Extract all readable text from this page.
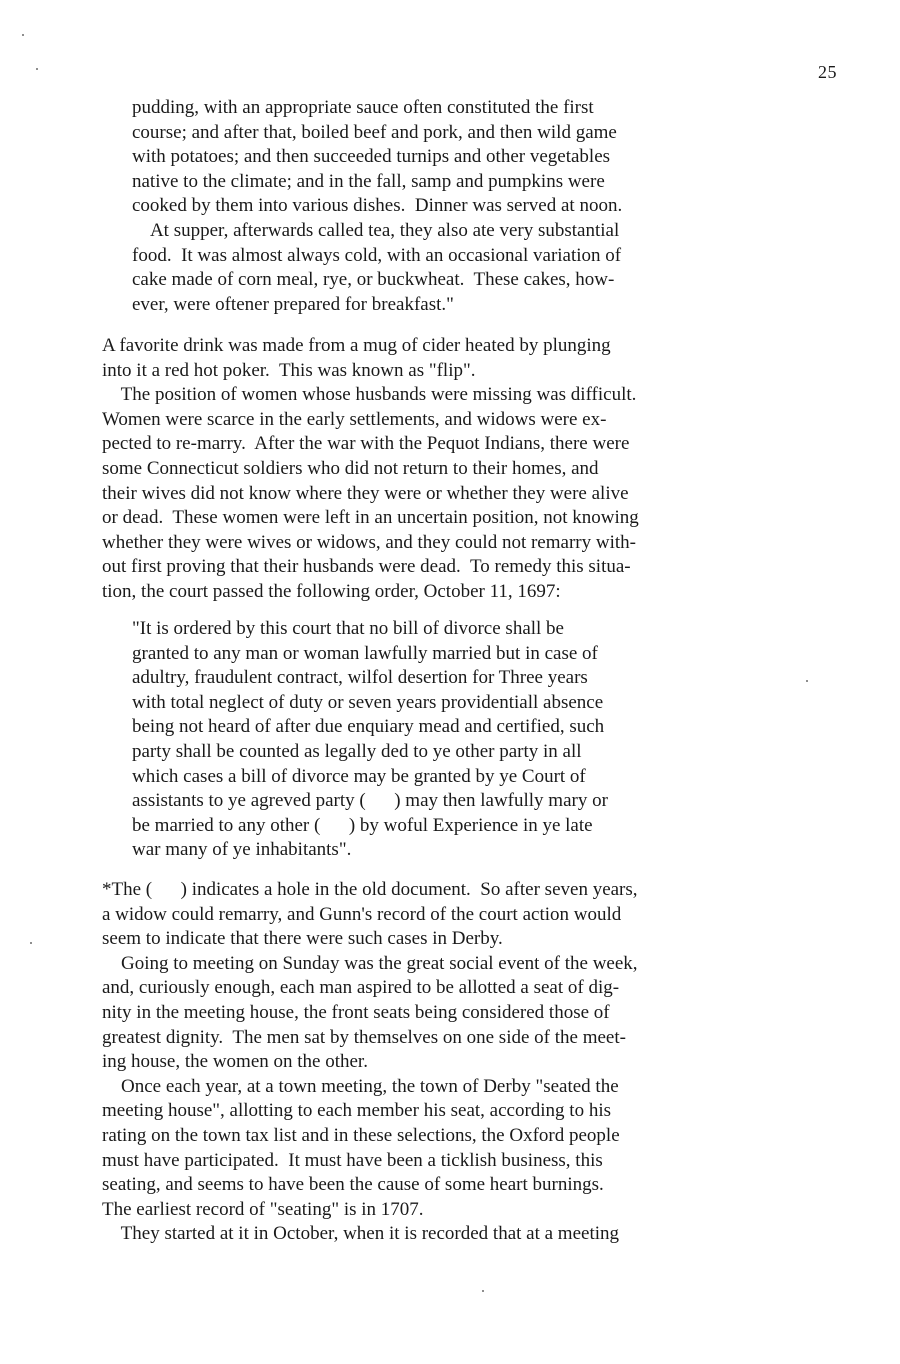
25
pudding, with an appropriate sauce often constituted the first
course; and after that, boiled beef and pork, and then wild game
with potatoes; and then succeeded turnips and other vegetables
native to the climate; and in the fall, samp and pumpkins were
cooked by them into various dishes.  Dinner was served at noon.
At supper, afterwards called tea, they also ate very substantial
food.  It was almost always cold, with an occasional variation of
cake made of corn meal, rye, or buckwheat.  These cakes, how-
ever, were oftener prepared for breakfast."
A favorite drink was made from a mug of cider heated by plunging
into it a red hot poker.  This was known as "flip".
The position of women whose husbands were missing was difficult.
Women were scarce in the early settlements, and widows were ex-
pected to re-marry.  After the war with the Pequot Indians, there were
some Connecticut soldiers who did not return to their homes, and
their wives did not know where they were or whether they were alive
or dead.  These women were left in an uncertain position, not knowing
whether they were wives or widows, and they could not remarry with-
out first proving that their husbands were dead.  To remedy this situa-
tion, the court passed the following order, October 11, 1697:
"It is ordered by this court that no bill of divorce shall be
granted to any man or woman lawfully married but in case of
adultry, fraudulent contract, wilfol desertion for Three years
with total neglect of duty or seven years providentiall absence
being not heard of after due enquiary mead and certified, such
party shall be counted as legally ded to ye other party in all
which cases a bill of divorce may be granted by ye Court of
assistants to ye agreved party (      ) may then lawfully mary or
be married to any other (      ) by woful Experience in ye late
war many of ye inhabitants".
*The (      ) indicates a hole in the old document.  So after seven years,
a widow could remarry, and Gunn's record of the court action would
seem to indicate that there were such cases in Derby.
Going to meeting on Sunday was the great social event of the week,
and, curiously enough, each man aspired to be allotted a seat of dig-
nity in the meeting house, the front seats being considered those of
greatest dignity.  The men sat by themselves on one side of the meet-
ing house, the women on the other.
Once each year, at a town meeting, the town of Derby "seated the
meeting house", allotting to each member his seat, according to his
rating on the town tax list and in these selections, the Oxford people
must have participated.  It must have been a ticklish business, this
seating, and seems to have been the cause of some heart burnings.
The earliest record of "seating" is in 1707.
They started at it in October, when it is recorded that at a meeting
